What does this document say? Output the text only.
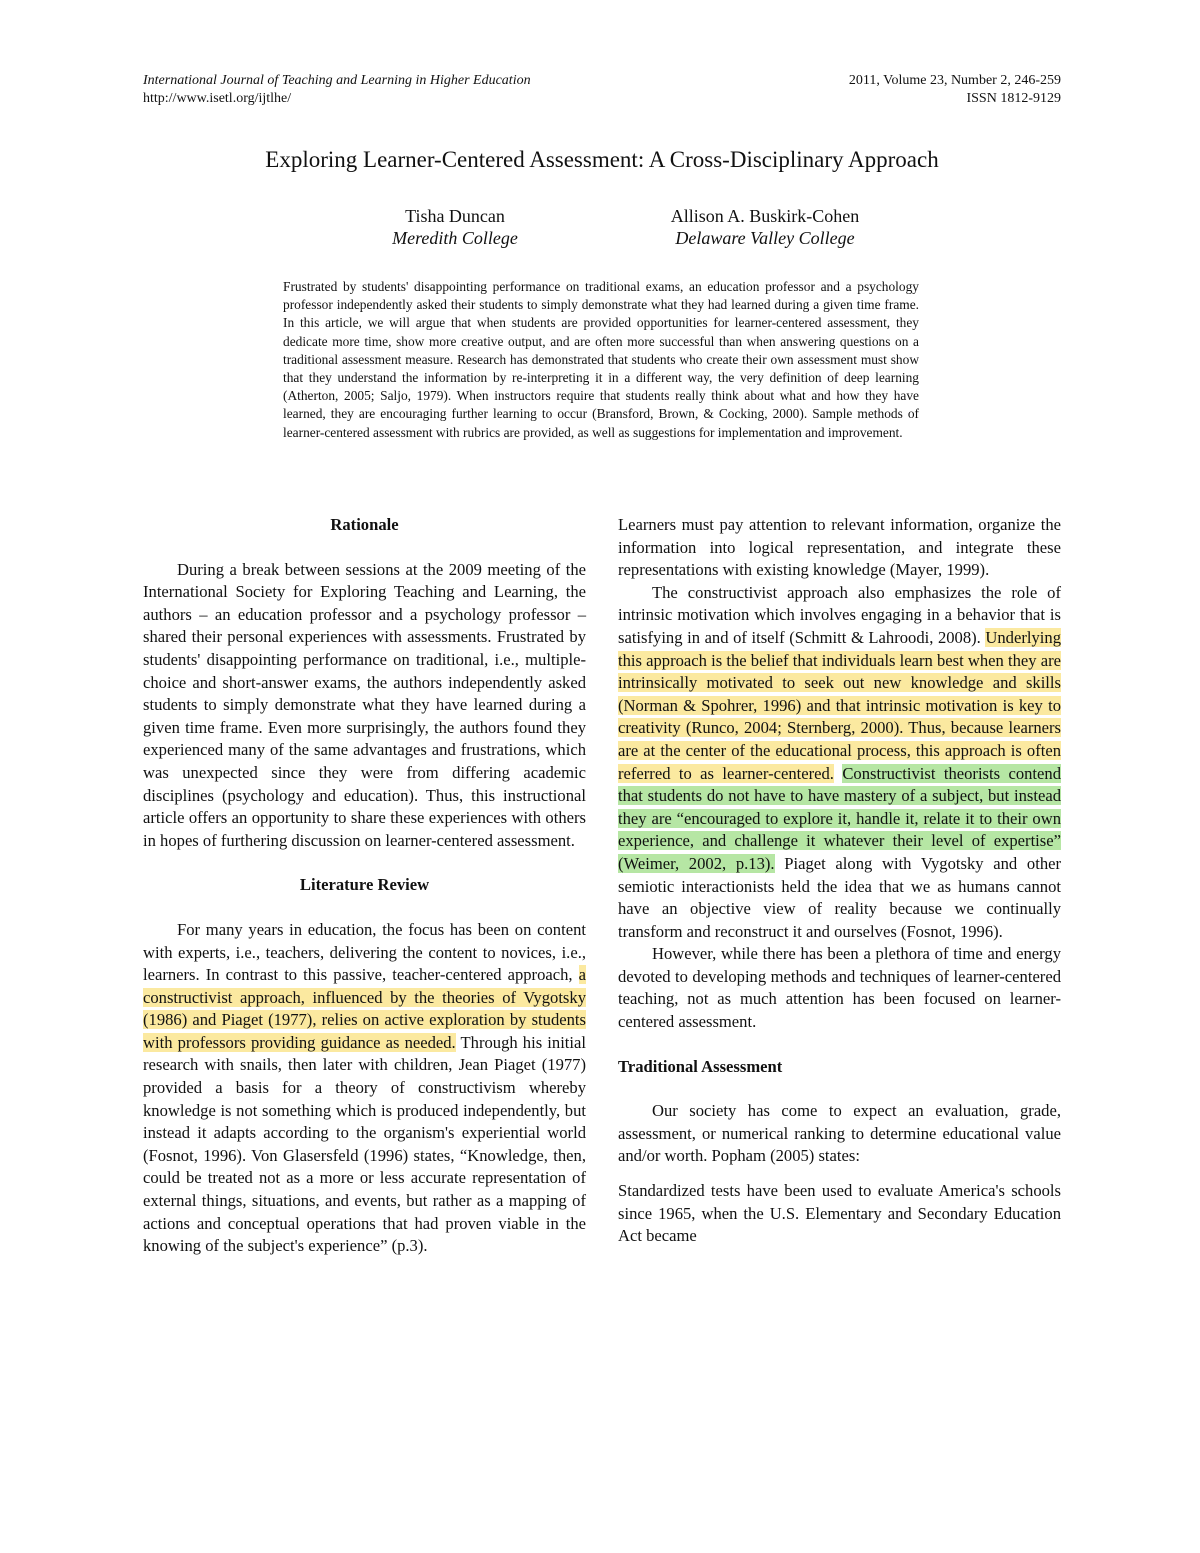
International Journal of Teaching and Learning in Higher Education	2011, Volume 23, Number 2, 246-259
http://www.isetl.org/ijtlhe/	ISSN 1812-9129
Exploring Learner-Centered Assessment: A Cross-Disciplinary Approach
Tisha Duncan
Meredith College
Allison A. Buskirk-Cohen
Delaware Valley College
Frustrated by students' disappointing performance on traditional exams, an education professor and a psychology professor independently asked their students to simply demonstrate what they had learned during a given time frame. In this article, we will argue that when students are provided opportunities for learner-centered assessment, they dedicate more time, show more creative output, and are often more successful than when answering questions on a traditional assessment measure. Research has demonstrated that students who create their own assessment must show that they understand the information by re-interpreting it in a different way, the very definition of deep learning (Atherton, 2005; Saljo, 1979). When instructors require that students really think about what and how they have learned, they are encouraging further learning to occur (Bransford, Brown, & Cocking, 2000). Sample methods of learner-centered assessment with rubrics are provided, as well as suggestions for implementation and improvement.

Rationale

During a break between sessions at the 2009 meeting of the International Society for Exploring Teaching and Learning, the authors – an education professor and a psychology professor – shared their personal experiences with assessments. Frustrated by students' disappointing performance on traditional, i.e., multiple-choice and short-answer exams, the authors independently asked students to simply demonstrate what they have learned during a given time frame. Even more surprisingly, the authors found they experienced many of the same advantages and frustrations, which was unexpected since they were from differing academic disciplines (psychology and education). Thus, this instructional article offers an opportunity to share these experiences with others in hopes of furthering discussion on learner-centered assessment.

Literature Review

For many years in education, the focus has been on content with experts, i.e., teachers, delivering the content to novices, i.e., learners. In contrast to this passive, teacher-centered approach, a constructivist approach, influenced by the theories of Vygotsky (1986) and Piaget (1977), relies on active exploration by students with professors providing guidance as needed. Through his initial research with snails, then later with children, Jean Piaget (1977) provided a basis for a theory of constructivism whereby knowledge is not something which is produced independently, but instead it adapts according to the organism's experiential world (Fosnot, 1996). Von Glasersfeld (1996) states, “Knowledge, then, could be treated not as a more or less accurate representation of external things, situations, and events, but rather as a mapping of actions and conceptual operations that had proven viable in the knowing of the subject's experience” (p.3).

Learners must pay attention to relevant information, organize the information into logical representation, and integrate these representations with existing knowledge (Mayer, 1999).

The constructivist approach also emphasizes the role of intrinsic motivation which involves engaging in a behavior that is satisfying in and of itself (Schmitt & Lahroodi, 2008). Underlying this approach is the belief that individuals learn best when they are intrinsically motivated to seek out new knowledge and skills (Norman & Spohrer, 1996) and that intrinsic motivation is key to creativity (Runco, 2004; Sternberg, 2000). Thus, because learners are at the center of the educational process, this approach is often referred to as learner-centered. Constructivist theorists contend that students do not have to have mastery of a subject, but instead they are “encouraged to explore it, handle it, relate it to their own experience, and challenge it whatever their level of expertise” (Weimer, 2002, p.13). Piaget along with Vygotsky and other semiotic interactionists held the idea that we as humans cannot have an objective view of reality because we continually transform and reconstruct it and ourselves (Fosnot, 1996).

However, while there has been a plethora of time and energy devoted to developing methods and techniques of learner-centered teaching, not as much attention has been focused on learner-centered assessment.

Traditional Assessment

Our society has come to expect an evaluation, grade, assessment, or numerical ranking to determine educational value and/or worth. Popham (2005) states:

Standardized tests have been used to evaluate America's schools since 1965, when the U.S. Elementary and Secondary Education Act became
